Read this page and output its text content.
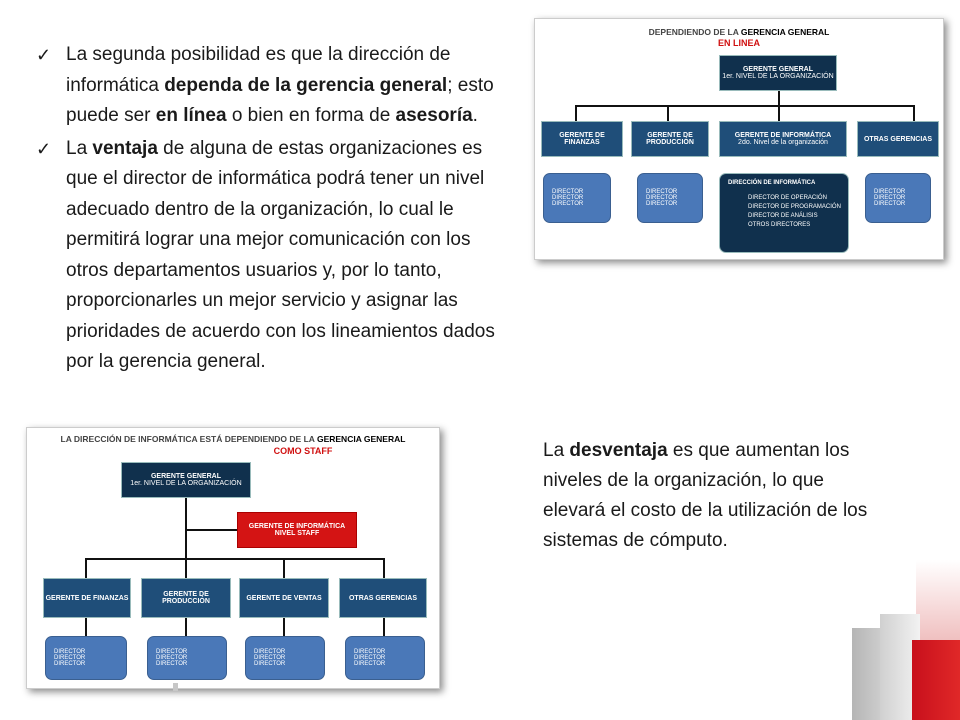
✓ La segunda posibilidad es que la dirección de informática dependa de la gerencia general; esto puede ser en línea o bien en forma de asesoría.
✓ La ventaja de alguna de estas organizaciones es que el director de informática podrá tener un nivel adecuado dentro de la organización, lo cual le permitirá lograr una mejor comunicación con los otros departamentos usuarios y, por lo tanto, proporcionarles un mejor servicio y asignar las prioridades de acuerdo con los lineamientos dados por la gerencia general.
DEPENDIENDO DE LA GERENCIA GENERAL
EN LINEA
GERENTE GENERAL
1er. NIVEL DE LA ORGANIZACIÓN
GERENTE DE FINANZAS
GERENTE DE
PRODUCCIÓN
GERENTE DE INFORMÁTICA
2do. Nivel de la organización	OTRAS GERENCIAS
DIRECTOR
DIRECTOR
DIRECTOR
DIRECTOR
DIRECTOR
DIRECTOR
DIRECCIÓN DE INFORMÁTICA
DIRECTOR DE OPERACIÓN
DIRECTOR DE PROGRAMACIÓN
DIRECTOR DE ANÁLISIS
OTROS DIRECTORES
DIRECTOR
DIRECTOR
DIRECTOR
LA DIRECCIÓN DE INFORMÁTICA ESTÁ DEPENDIENDO DE LA GERENCIA GENERAL
COMO STAFF
GERENTE GENERAL
1er. NIVEL DE LA ORGANIZACIÓN
GERENTE DE INFORMÁTICA
NIVEL STAFF
GERENTE DE FINANZAS	GERENTE DE
PRODUCCIÓN	GERENTE DE VENTAS	OTRAS GERENCIAS
DIRECTOR
DIRECTOR
DIRECTOR
DIRECTOR
DIRECTOR
DIRECTOR
DIRECTOR
DIRECTOR
DIRECTOR
DIRECTOR
DIRECTOR
DIRECTOR
La desventaja es que aumentan los niveles de la organización, lo que elevará el costo de la utilización de los sistemas de cómputo.
